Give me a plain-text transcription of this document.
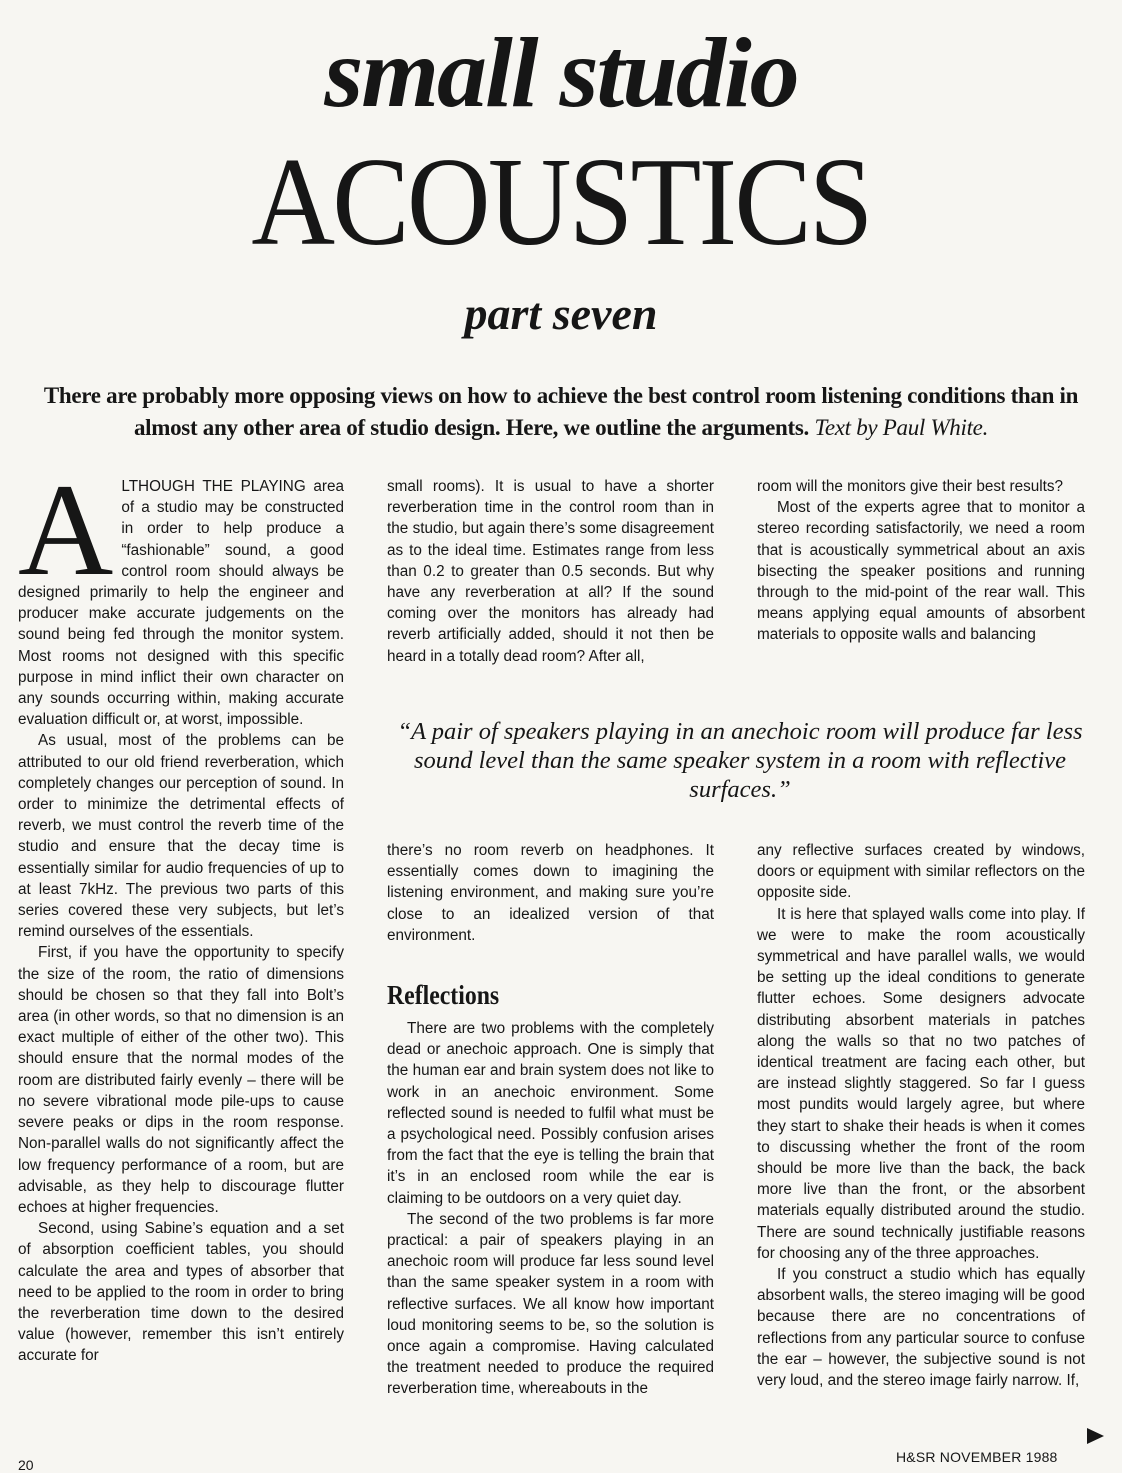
small studio
ACOUSTICS
part seven
There are probably more opposing views on how to achieve the best control room listening conditions than in almost any other area of studio design. Here, we outline the arguments. Text by Paul White.
A LTHOUGH THE PLAYING area of a studio may be constructed in order to help produce a “fashionable” sound, a good control room should always be designed primarily to help the engineer and producer make accurate judgements on the sound being fed through the monitor system. Most rooms not designed with this specific purpose in mind inflict their own character on any sounds occurring within, making accurate evaluation difficult or, at worst, impossible.

As usual, most of the problems can be attributed to our old friend reverberation, which completely changes our perception of sound. In order to minimize the detrimental effects of reverb, we must control the reverb time of the studio and ensure that the decay time is essentially similar for audio frequencies of up to at least 7kHz. The previous two parts of this series covered these very subjects, but let’s remind ourselves of the essentials.

First, if you have the opportunity to specify the size of the room, the ratio of dimensions should be chosen so that they fall into Bolt’s area (in other words, so that no dimension is an exact multiple of either of the other two). This should ensure that the normal modes of the room are distributed fairly evenly – there will be no severe vibrational mode pile-ups to cause severe peaks or dips in the room response. Non-parallel walls do not significantly affect the low frequency performance of a room, but are advisable, as they help to discourage flutter echoes at higher frequencies.

Second, using Sabine’s equation and a set of absorption coefficient tables, you should calculate the area and types of absorber that need to be applied to the room in order to bring the reverberation time down to the desired value (however, remember this isn’t entirely accurate for

small rooms). It is usual to have a shorter reverberation time in the control room than in the studio, but again there’s some disagreement as to the ideal time. Estimates range from less than 0.2 to greater than 0.5 seconds. But why have any reverberation at all? If the sound coming over the monitors has already had reverb artificially added, should it not then be heard in a totally dead room? After all,

room will the monitors give their best results?

Most of the experts agree that to monitor a stereo recording satisfactorily, we need a room that is acoustically symmetrical about an axis bisecting the speaker positions and running through to the mid-point of the rear wall. This means applying equal amounts of absorbent materials to opposite walls and balancing

“A pair of speakers playing in an anechoic room will produce far less sound level than the same speaker system in a room with reflective surfaces.”

there’s no room reverb on headphones. It essentially comes down to imagining the listening environment, and making sure you’re close to an idealized version of that environment.

Reflections

There are two problems with the completely dead or anechoic approach. One is simply that the human ear and brain system does not like to work in an anechoic environment. Some reflected sound is needed to fulfil what must be a psychological need. Possibly confusion arises from the fact that the eye is telling the brain that it’s in an enclosed room while the ear is claiming to be outdoors on a very quiet day.

The second of the two problems is far more practical: a pair of speakers playing in an anechoic room will produce far less sound level than the same speaker system in a room with reflective surfaces. We all know how important loud monitoring seems to be, so the solution is once again a compromise. Having calculated the treatment needed to produce the required reverberation time, whereabouts in the

any reflective surfaces created by windows, doors or equipment with similar reflectors on the opposite side.

It is here that splayed walls come into play. If we were to make the room acoustically symmetrical and have parallel walls, we would be setting up the ideal conditions to generate flutter echoes. Some designers advocate distributing absorbent materials in patches along the walls so that no two patches of identical treatment are facing each other, but are instead slightly staggered. So far I guess most pundits would largely agree, but where they start to shake their heads is when it comes to discussing whether the front of the room should be more live than the back, the back more live than the front, or the absorbent materials equally distributed around the studio. There are sound technically justifiable reasons for choosing any of the three approaches.

If you construct a studio which has equally absorbent walls, the stereo imaging will be good because there are no concentrations of reflections from any particular source to confuse the ear – however, the subjective sound is not very loud, and the stereo image fairly narrow. If,

H&SR NOVEMBER 1988
20
